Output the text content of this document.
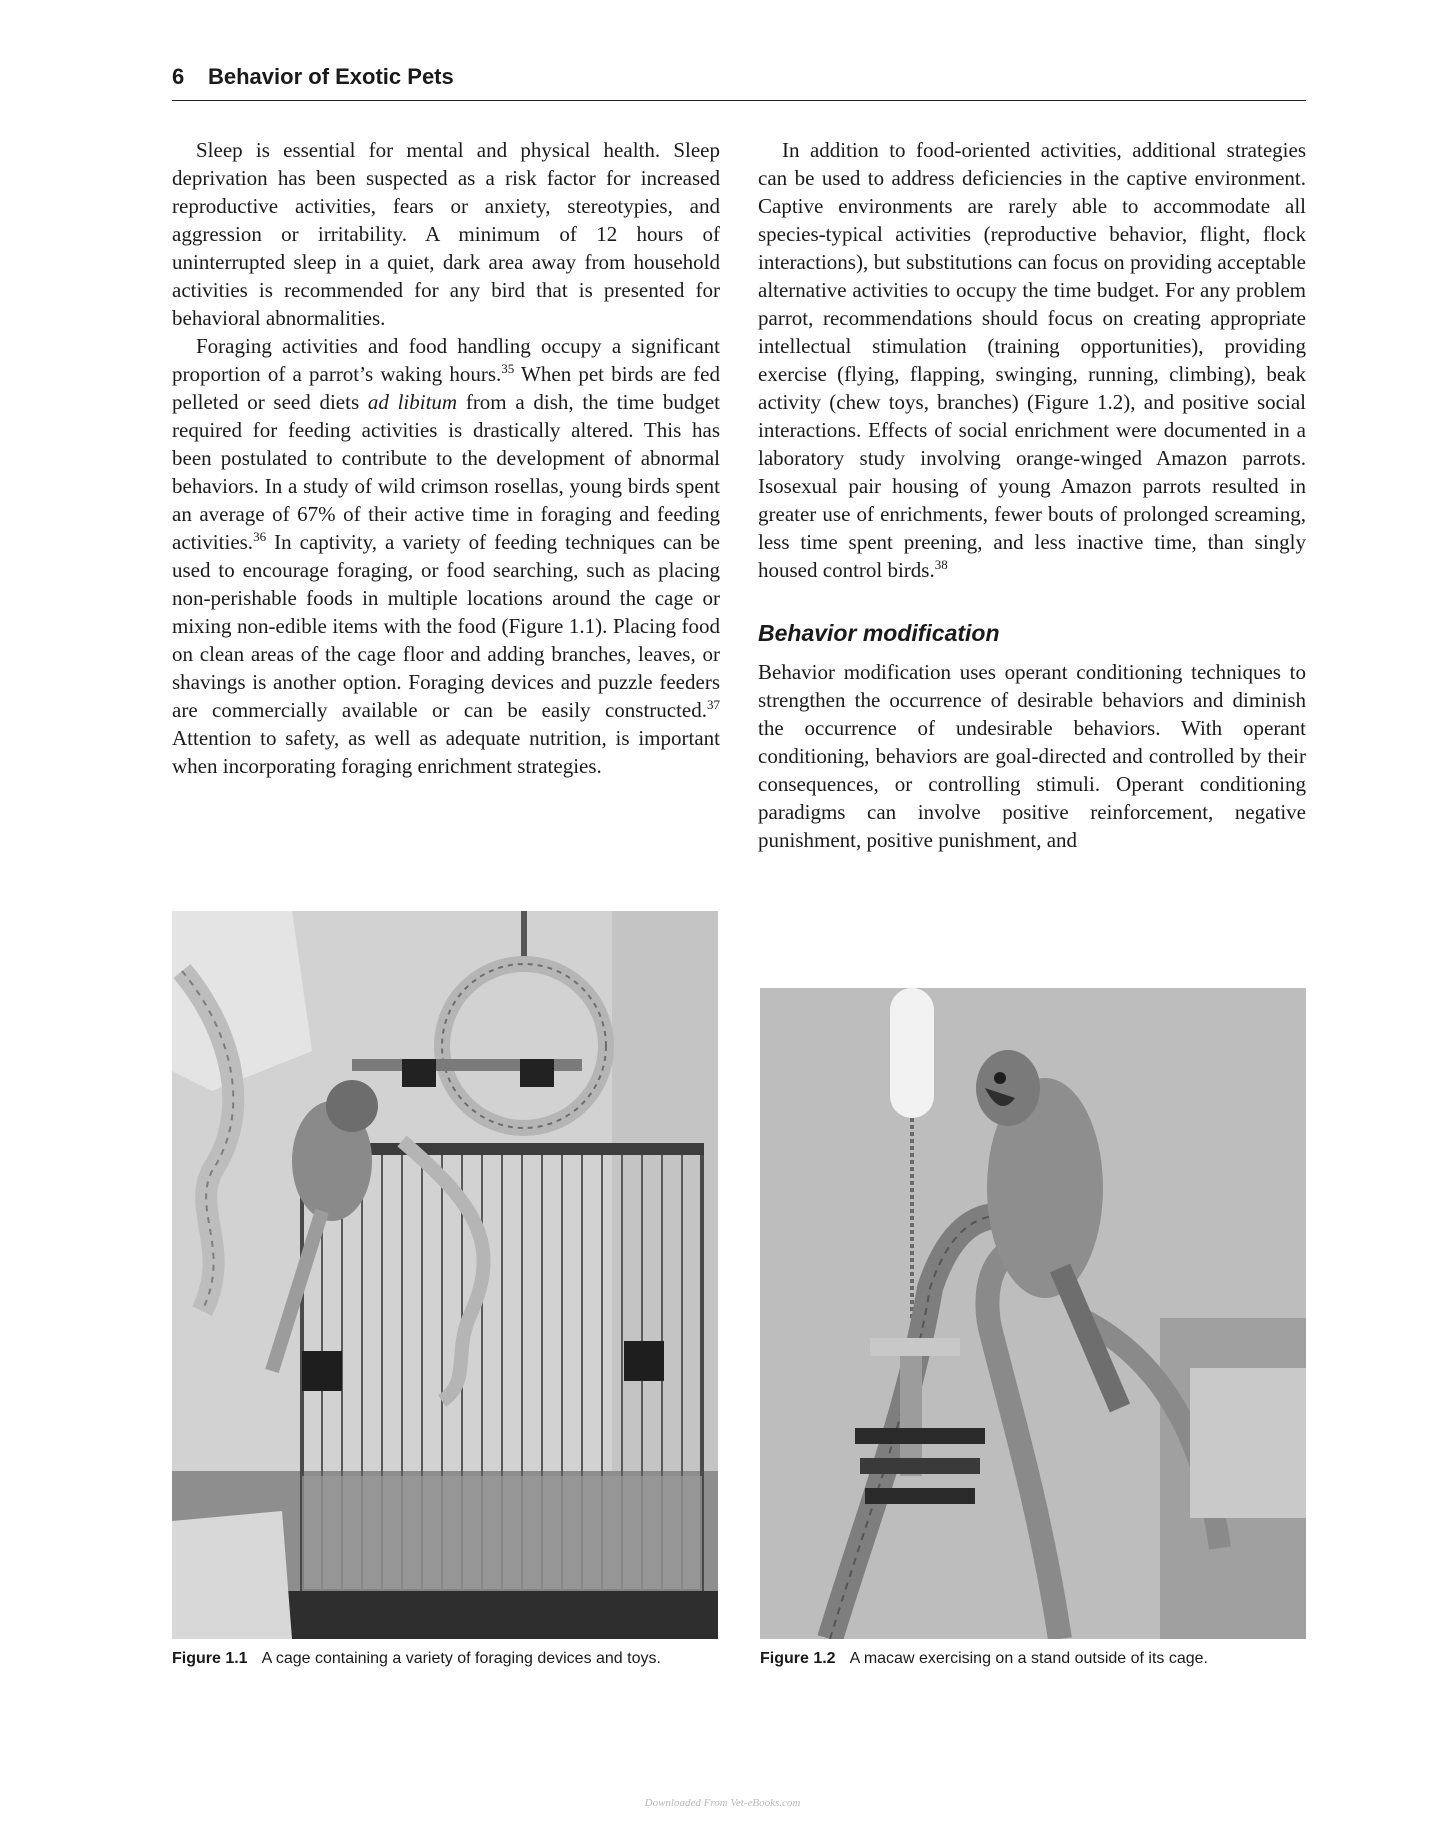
6 Behavior of Exotic Pets

Sleep is essential for mental and physical health. Sleep deprivation has been suspected as a risk factor for increased reproductive activities, fears or anxiety, stereotypies, and aggression or irritability. A minimum of 12 hours of uninterrupted sleep in a quiet, dark area away from household activities is recommended for any bird that is presented for behavioral abnormalities.

Foraging activities and food handling occupy a significant proportion of a parrot’s waking hours.$^{35}$ When pet birds are fed pelleted or seed diets ad libitum from a dish, the time budget required for feeding activities is drastically altered. This has been postulated to contribute to the development of abnormal behaviors. In a study of wild crimson rosellas, young birds spent an average of 67% of their active time in foraging and feeding activities.$^{36}$ In captivity, a variety of feeding techniques can be used to encourage foraging, or food searching, such as placing non-perishable foods in multiple locations around the cage or mixing non-edible items with the food (Figure 1.1). Placing food on clean areas of the cage floor and adding branches, leaves, or shavings is another option. Foraging devices and puzzle feeders are commercially available or can be easily constructed.$^{37}$ Attention to safety, as well as adequate nutrition, is important when incorporating foraging enrichment strategies.

In addition to food-oriented activities, additional strategies can be used to address deficiencies in the captive environment. Captive environments are rarely able to accommodate all species-typical activities (reproductive behavior, flight, flock interactions), but substitutions can focus on providing acceptable alternative activities to occupy the time budget. For any problem parrot, recommendations should focus on creating appropriate intellectual stimulation (training opportunities), providing exercise (flying, flapping, swinging, running, climbing), beak activity (chew toys, branches) (Figure 1.2), and positive social interactions. Effects of social enrichment were documented in a laboratory study involving orange-winged Amazon parrots. Isosexual pair housing of young Amazon parrots resulted in greater use of enrichments, fewer bouts of prolonged screaming, less time spent preening, and less inactive time, than singly housed control birds.$^{38}$

Behavior modification

Behavior modification uses operant conditioning techniques to strengthen the occurrence of desirable behaviors and diminish the occurrence of undesirable behaviors. With operant conditioning, behaviors are goal-directed and controlled by their consequences, or controlling stimuli. Operant conditioning paradigms can involve positive reinforcement, negative punishment, positive punishment, and

Figure 1.1 A cage containing a variety of foraging devices and toys.	Figure 1.2 A macaw exercising on a stand outside of its cage.
Downloaded From Vet-eBooks.com
